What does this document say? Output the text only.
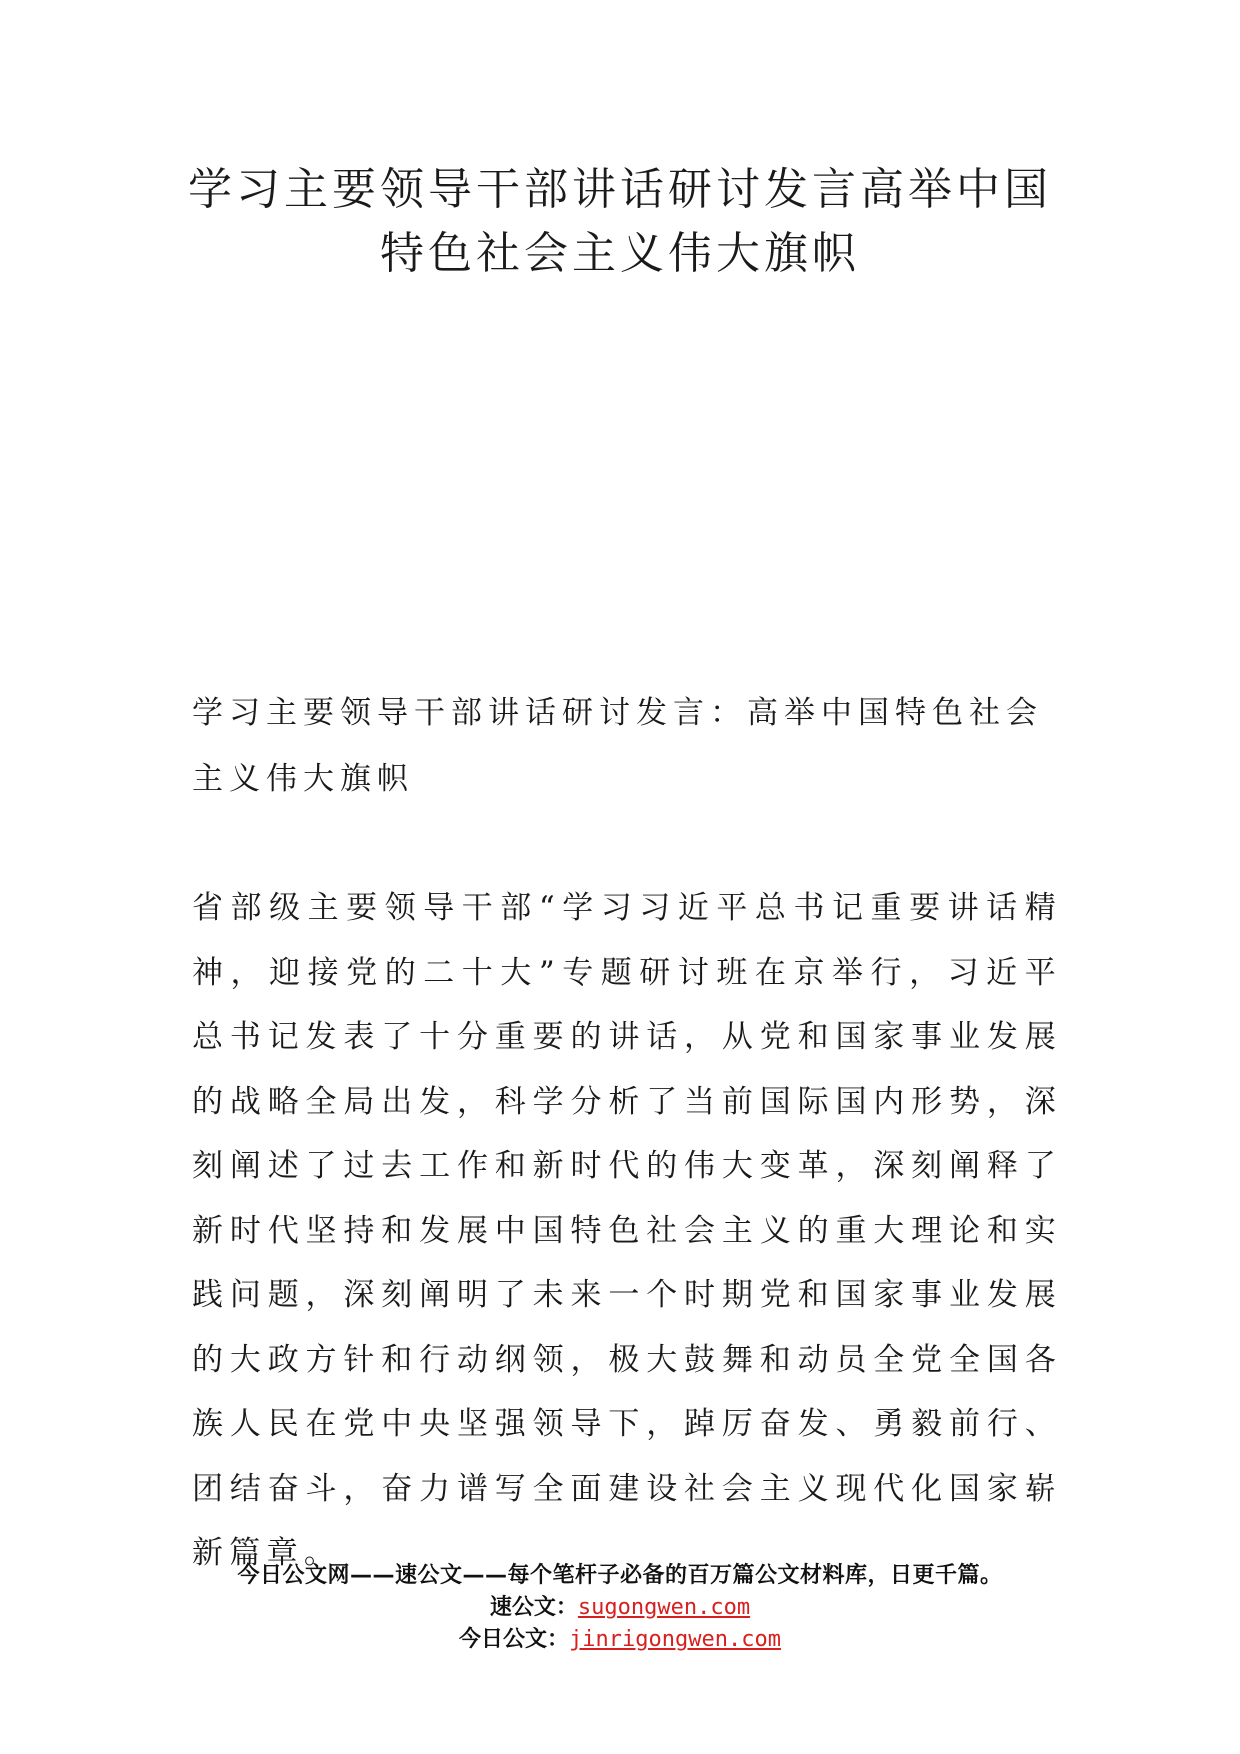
学习主要领导干部讲话研讨发言高举中国
特色社会主义伟大旗帜

学习主要领导干部讲话研讨发言：高举中国特色社会主义伟大旗帜

省部级主要领导干部“学习习近平总书记重要讲话精神，迎接党的二十大”专题研讨班在京举行，习近平总书记发表了十分重要的讲话，从党和国家事业发展的战略全局出发，科学分析了当前国际国内形势，深刻阐述了过去工作和新时代的伟大变革，深刻阐释了新时代坚持和发展中国特色社会主义的重大理论和实践问题，深刻阐明了未来一个时期党和国家事业发展的大政方针和行动纲领，极大鼓舞和动员全党全国各族人民在党中央坚强领导下，踔厉奋发、勇毅前行、团结奋斗，奋力谱写全面建设社会主义现代化国家崭新篇章。

今日公文网——速公文——每个笔杆子必备的百万篇公文材料库，日更千篇。
速公文：sugongwen.com
今日公文：jinrigongwen.com
